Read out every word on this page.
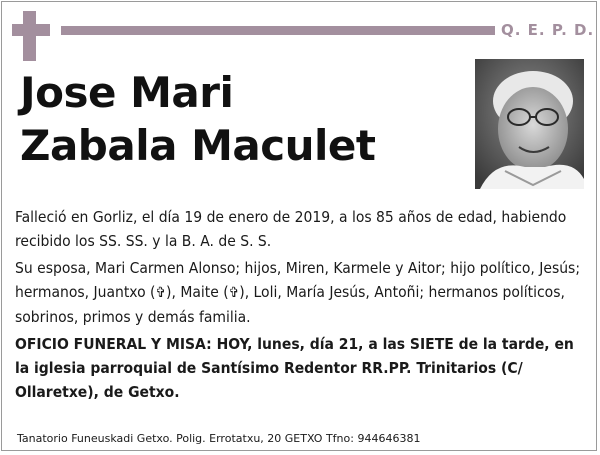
Q. E. P. D.
Jose Mari
Zabala Maculet

Falleció en Gorliz, el día 19 de enero de 2019, a los 85 años de edad, habiendo recibido los SS. SS. y la B. A. de S. S.

Su esposa, Mari Carmen Alonso; hijos, Miren, Karmele y Aitor; hijo político, Jesús; hermanos, Juantxo (✞), Maite (✞), Loli, María Jesús, Antoñi; hermanos políticos, sobrinos, primos y demás familia.

OFICIO FUNERAL Y MISA: HOY, lunes, día 21, a las SIETE de la tarde, en la iglesia parroquial de Santísimo Redentor RR.PP. Trinitarios (C/ Ollaretxe), de Getxo.

Tanatorio Funeuskadi Getxo. Polig. Errotatxu, 20 GETXO Tfno: 944646381
